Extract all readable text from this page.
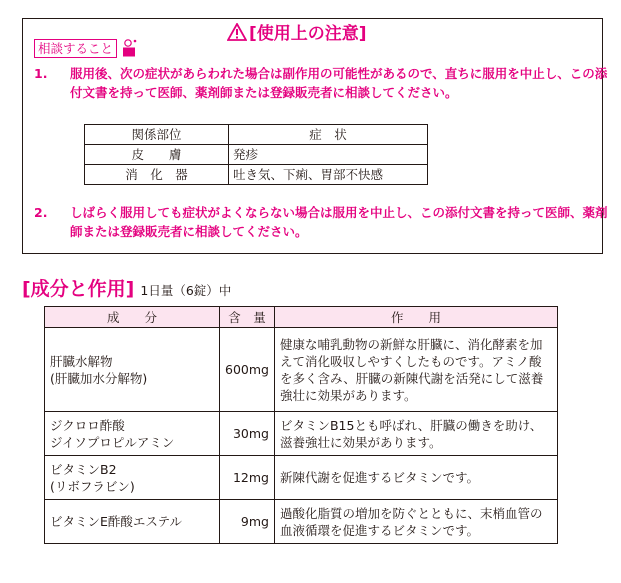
[使用上の注意]
相談すること
1. 服用後、次の症状があらわれた場合は副作用の可能性があるので、直ちに服用を中止し、この添付文書を持って医師、薬剤師または登録販売者に相談してください。
関係部位	症　状
皮　　膚	発疹
消　化　器	吐き気、下痢、胃部不快感
2. しばらく服用しても症状がよくならない場合は服用を中止し、この添付文書を持って医師、薬剤師または登録販売者に相談してください。
[成分と作用] 1日量（6錠）中
成　　分	含　量	作　　用

肝臓水解物
(肝臓加水分解物)	600mg	健康な哺乳動物の新鮮な肝臓に、消化酵素を加えて消化吸収しやすくしたものです。アミノ酸を多く含み、肝臓の新陳代謝を活発にして滋養強壮に効果があります。

ジクロロ酢酸
ジイソプロピルアミン	30mg	ビタミンB15とも呼ばれ、肝臓の働きを助け、滋養強壮に効果があります。

ビタミンB2
(リボフラビン)	12mg	新陳代謝を促進するビタミンです。

ビタミンE酢酸エステル	9mg	過酸化脂質の増加を防ぐとともに、末梢血管の血液循環を促進するビタミンです。
